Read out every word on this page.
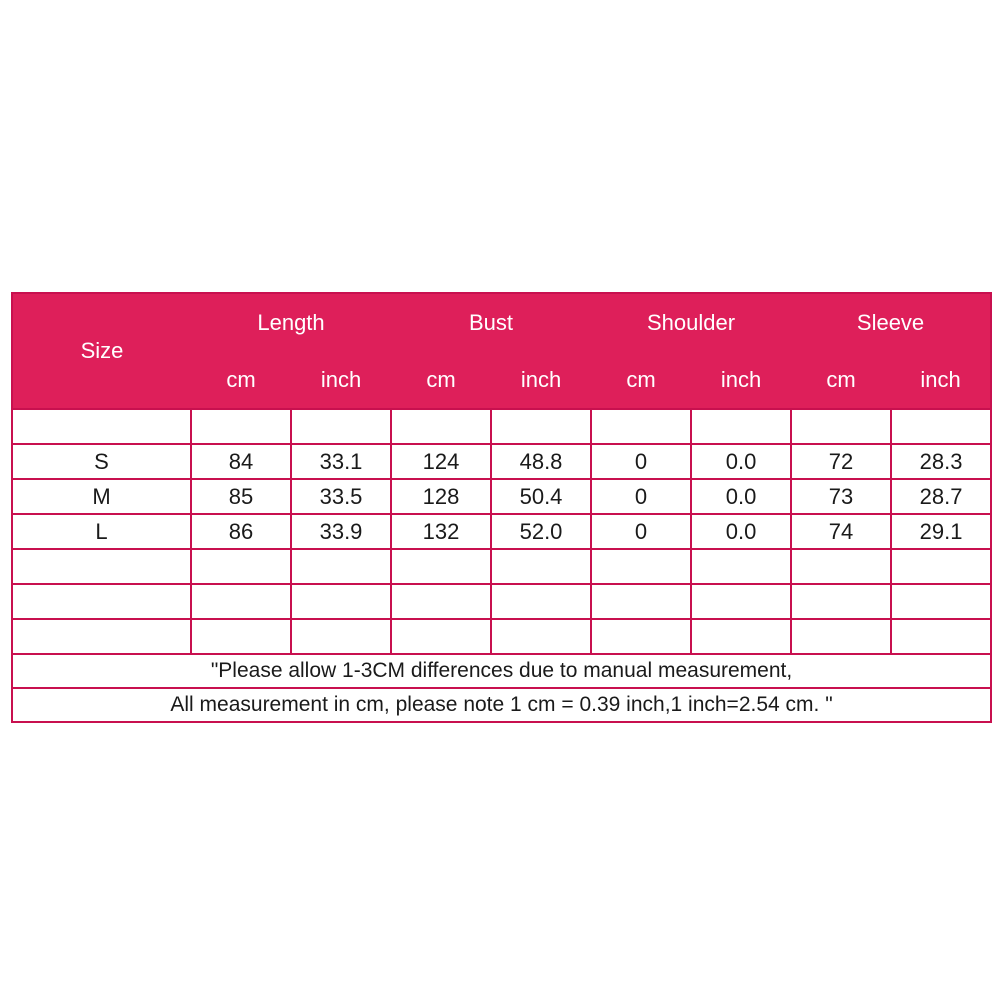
Size	Length		Bust		Shoulder		Sleeve	
	cm	inch	cm	inch	cm	inch	cm	inch

S	84	33.1	124	48.8	0	0.0	72	28.3
M	85	33.5	128	50.4	0	0.0	73	28.7
L	86	33.9	132	52.0	0	0.0	74	29.1

"Please allow 1-3CM differences due to manual measurement,								
All measurement in cm, please note 1 cm = 0.39 inch,1 inch=2.54 cm. "								
